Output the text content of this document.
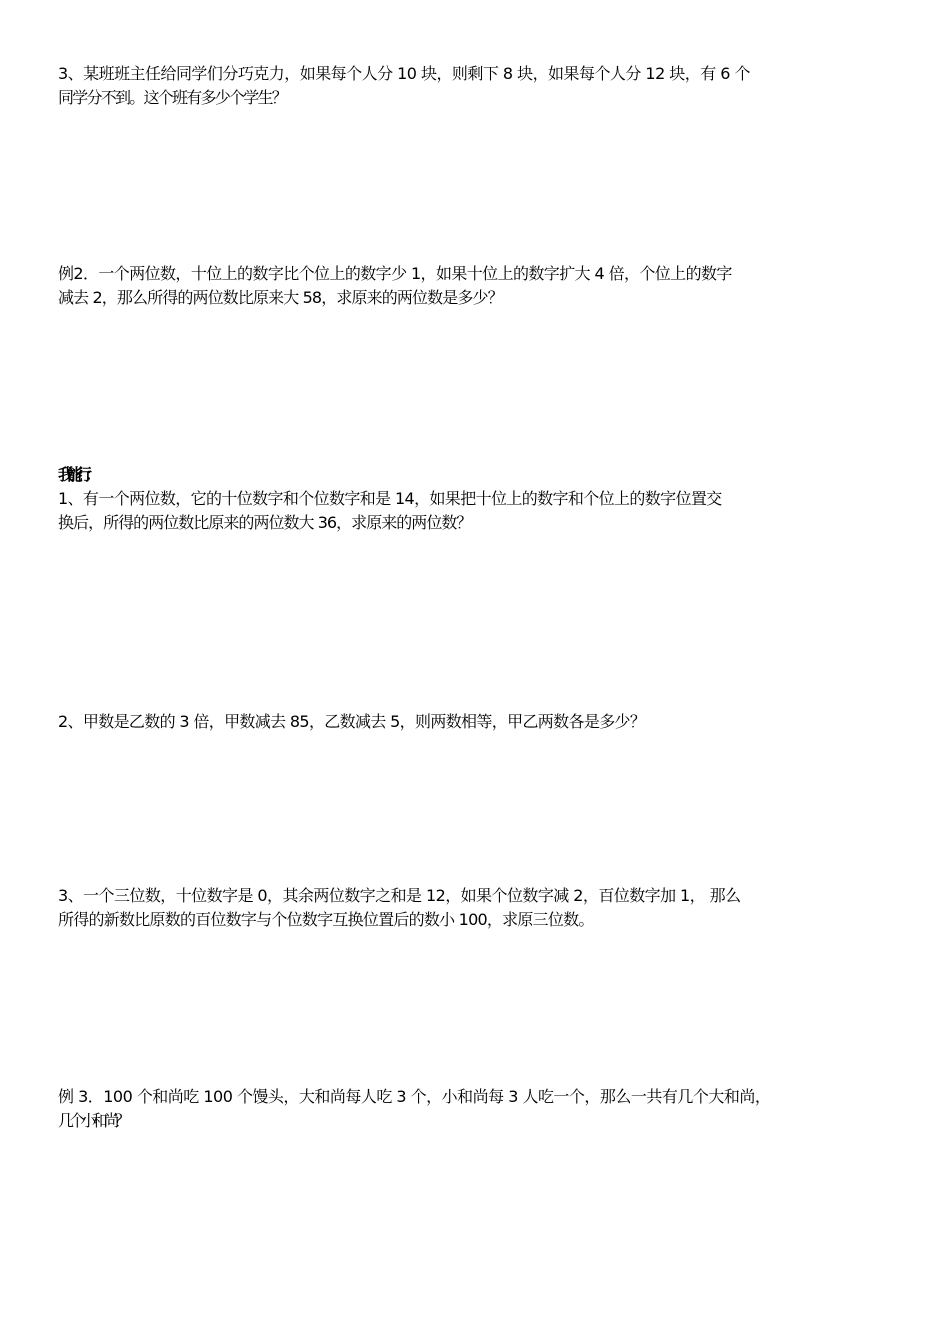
3、某班班主任给同学们分巧克力，如果每个人分 10 块，则剩下 8 块，如果每个人分 12 块，有 6 个
同学分不到。这个班有多少个学生？
例2．一个两位数，十位上的数字比个位上的数字少 1，如果十位上的数字扩大 4 倍，个位上的数字
减去 2，那么所得的两位数比原来大 58，求原来的两位数是多少？
我能行：
1、有一个两位数，它的十位数字和个位数字和是 14，如果把十位上的数字和个位上的数字位置交
换后，所得的两位数比原来的两位数大 36，求原来的两位数？
2、甲数是乙数的 3 倍，甲数减去 85，乙数减去 5，则两数相等，甲乙两数各是多少？
3、一个三位数，十位数字是 0，其余两位数字之和是 12，如果个位数字减 2，百位数字加 1， 那么
所得的新数比原数的百位数字与个位数字互换位置后的数小 100，求原三位数。
例 3．100 个和尚吃 100 个馒头，大和尚每人吃 3 个，小和尚每 3 人吃一个，那么一共有几个大和尚，
几个小和尚？
